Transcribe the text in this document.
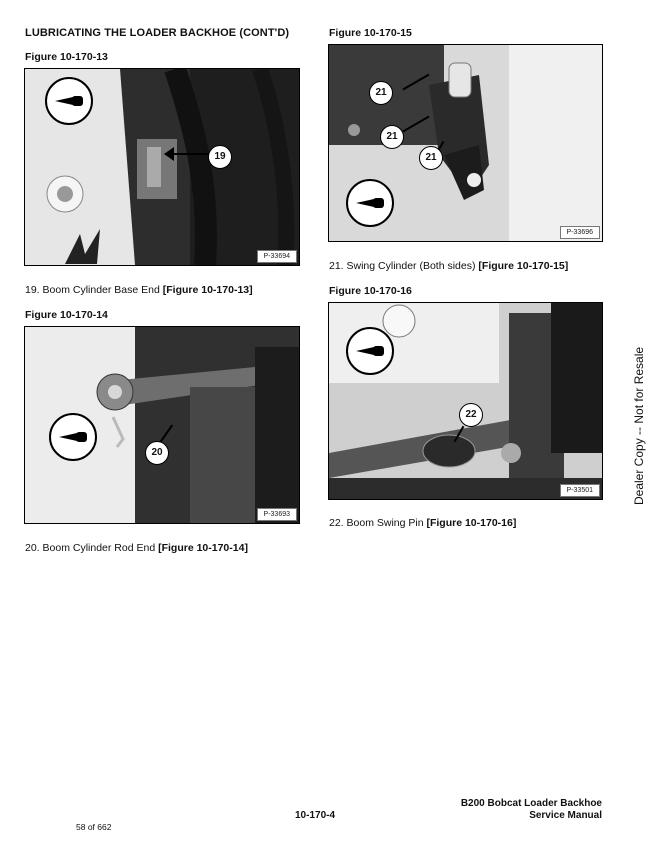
LUBRICATING THE LOADER BACKHOE (CONT'D)
Figure 10-170-13
19
P-33694
19. Boom Cylinder Base End [Figure 10-170-13]
Figure 10-170-14
20
P-33693
20. Boom Cylinder Rod End [Figure 10-170-14]
Figure 10-170-15
21
21
21
P-33696
21. Swing Cylinder (Both sides) [Figure 10-170-15]
Figure 10-170-16
22
P-33501
22. Boom Swing Pin [Figure 10-170-16]
Dealer Copy -- Not for Resale
B200 Bobcat Loader Backhoe
Service Manual
10-170-4
58 of 662
